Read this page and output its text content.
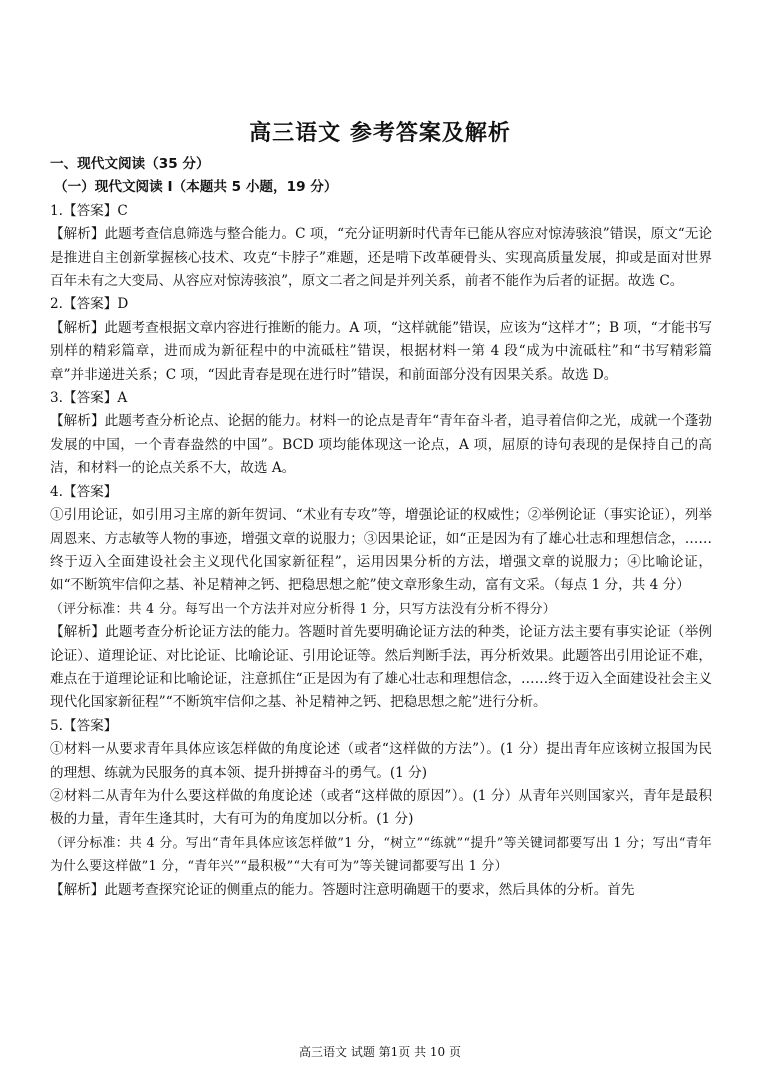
高三语文 参考答案及解析

一、现代文阅读（35 分）

（一）现代文阅读 I（本题共 5 小题，19 分）

1.【答案】C

【解析】此题考查信息筛选与整合能力。C 项，“充分证明新时代青年已能从容应对惊涛骇浪”错误，原文“无论是推进自主创新掌握核心技术、攻克“卡脖子”难题，还是啃下改革硬骨头、实现高质量发展，抑或是面对世界百年未有之大变局、从容应对惊涛骇浪”，原文二者之间是并列关系，前者不能作为后者的证据。故选 C。

2.【答案】D

【解析】此题考查根据文章内容进行推断的能力。A 项，“这样就能”错误，应该为“这样才”；B 项，“才能书写别样的精彩篇章，进而成为新征程中的中流砥柱”错误，根据材料一第 4 段“成为中流砥柱”和“书写精彩篇章”并非递进关系；C 项，“因此青春是现在进行时”错误，和前面部分没有因果关系。故选 D。

3.【答案】A

【解析】此题考查分析论点、论据的能力。材料一的论点是青年“青年奋斗者，追寻着信仰之光，成就一个蓬勃发展的中国，一个青春盎然的中国”。BCD 项均能体现这一论点，A 项，屈原的诗句表现的是保持自己的高洁，和材料一的论点关系不大，故选 A。

4.【答案】

①引用论证，如引用习主席的新年贺词、“术业有专攻”等，增强论证的权威性；②举例论证（事实论证），列举周恩来、方志敏等人物的事迹，增强文章的说服力；③因果论证，如“正是因为有了雄心壮志和理想信念，……终于迈入全面建设社会主义现代化国家新征程”，运用因果分析的方法，增强文章的说服力；④比喻论证，如“不断筑牢信仰之基、补足精神之钙、把稳思想之舵”使文章形象生动，富有文采。（每点 1 分，共 4 分）

（评分标准：共 4 分。每写出一个方法并对应分析得 1 分，只写方法没有分析不得分）

【解析】此题考查分析论证方法的能力。答题时首先要明确论证方法的种类，论证方法主要有事实论证（举例论证）、道理论证、对比论证、比喻论证、引用论证等。然后判断手法，再分析效果。此题答出引用论证不难，难点在于道理论证和比喻论证，注意抓住“正是因为有了雄心壮志和理想信念，……终于迈入全面建设社会主义现代化国家新征程”“不断筑牢信仰之基、补足精神之钙、把稳思想之舵”进行分析。

5.【答案】

①材料一从要求青年具体应该怎样做的角度论述（或者“这样做的方法”）。(1 分）提出青年应该树立报国为民的理想、练就为民服务的真本领、提升拼搏奋斗的勇气。(1 分)

②材料二从青年为什么要这样做的角度论述（或者“这样做的原因”）。(1 分）从青年兴则国家兴，青年是最积极的力量，青年生逢其时，大有可为的角度加以分析。(1 分)

（评分标准：共 4 分。写出“青年具体应该怎样做”1 分，“树立”“练就”“提升”等关键词都要写出 1 分；写出“青年为什么要这样做”1 分，“青年兴”“最积极”“大有可为”等关键词都要写出 1 分）

【解析】此题考查探究论证的侧重点的能力。答题时注意明确题干的要求，然后具体的分析。首先

高三语文 试题 第1页 共 10 页
